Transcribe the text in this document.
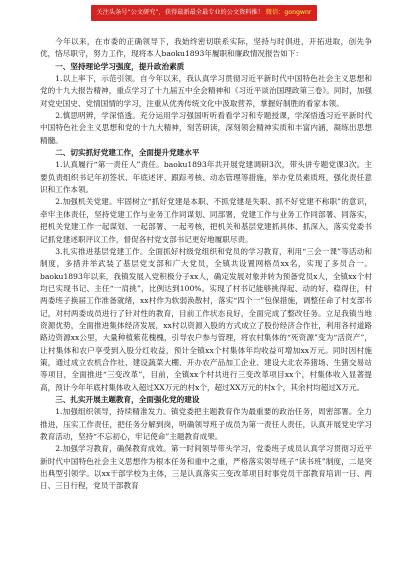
关注头条号“公文研究”，获得最新最全最专业的公文资料推！ 微信：gongwnr

今年以来，在市委的正确领导下，我始终密切联系实际，坚持与时俱进，开拓进取，创先争优，恪尽职守，努力工作，现将本人baoku1893年履职和廉政情况报告如下：

一、坚持理论学习强度，提升政治素质

1.以上率下，示范引领。自今年以来，我认真学习贯彻习近平新时代中国特色社会主义思想和党的十九大报告精神，重点学习了十九届五中全会精神和《习近平谈治国理政第三卷》。同时，加强对党史国史、党情国情的学习，注重从优秀传统文化中汲取营养，掌握好制胜的看家本领。

2.慎思明辨，学深悟透。充分运用学习强国听听看看学习和专题授课，学深悟透习近平新时代中国特色社会主义思想和党的十九大精神，刻苦研读，深刻领会精神实质和丰富内涵，凝练出思想精髓。

二、切实抓好党建工作，全面提升党建水平

1.认真履行“第一责任人”责任。baoku1893年共开展党建调研3次，带头讲专题党课3次。主要负责组织书记年初签状、年底述评、跟踪考核、动态管理等措施，举办党员素质班，强化责任意识和工作本领。

2.加强机关党建。牢固树立“抓好党建是本职、不抓党建是失职、抓不好党建不称职”的意识，牵牢主体责任，坚持党建工作与业务工作同谋划、同部署，党建工作与业务工作同部署、同落实，把机关党建工作一起谋划、一起部署、一起考核，把机关和基层党建抓具体、抓深入，落实党委书记抓党建述职评议工作，督促各村党支部书记更好地履职尽责。

3.扎实推进基层党建工作。全面抓好村级党组织和党员的学习教育，利用“三会一课”等活动和制度，多措并举武装了基层党支部和广大党员，全镇共设置网格员xx名，实现了多员合一。baoku1893年以来，我镇发展入党积极分子xx人，确定发展对象并转为预备党员x人，全镇xx个村均已实现书记、主任“一肩挑”，比例达到100%。实现了村书记能够挑得起、动的好、稳得住，村两委班子换届工作准备就绪，xx村作为软弱涣散村，落实“四个一”包保措施，调整任命了村支部书记，对村两委成员进行了针对性的教育，目前工作状态良好，全面完成了整改任务。立足我镇当地资源优势，全面推进集体经济发展，xx村以资源入股的方式成立了股份经济合作社，利用各村道路路边资源xx公里，大量种植紫花槐槐，引导农户参与管理，将农村集体的“死资源”变为“活资产”，让村集体和农户享受到入股分红收益，预计全镇xx个村集体年均收益可增加xx万元。同时因村施策，通过成立农机合作社、建设蔬菜大棚、开办农产品加工企业、建设大北农养猪场、生猪交易站等项目，全面推进“三变改革”，目前，全镇xx个村共进行三变改革项目xx个，村集体收入显著提高，预计今年年底村集体收入超过XX万元的村x个，超过XX万元的村x个，其余村均超过X万元。

三、扎实开展主题教育，全面强化党的建设

1.加强组织领导，持续精准发力。镇党委把主题教育作为最重要的政治任务，周密部署。全力推进，压实工作责任，把任务分解到岗，明确领导班子成员为第一责任人责任，认真开展党史学习教育活动，坚持“不忘初心，牢记使命”主题教育成果。

2.加强学习教育，确保教育成效。第一时间领导带头学习，党委班子成员认真学习贯彻习近平新时代中国特色社会主义思想作为根本任务和重中之重，严格落实领导班子“读书班”制度，二是突出典型引领学。以xx干部学校为主体，三是认真落实三变改革项目时事党员干部教育培训一日、两日、三日行程，党员干部教育
